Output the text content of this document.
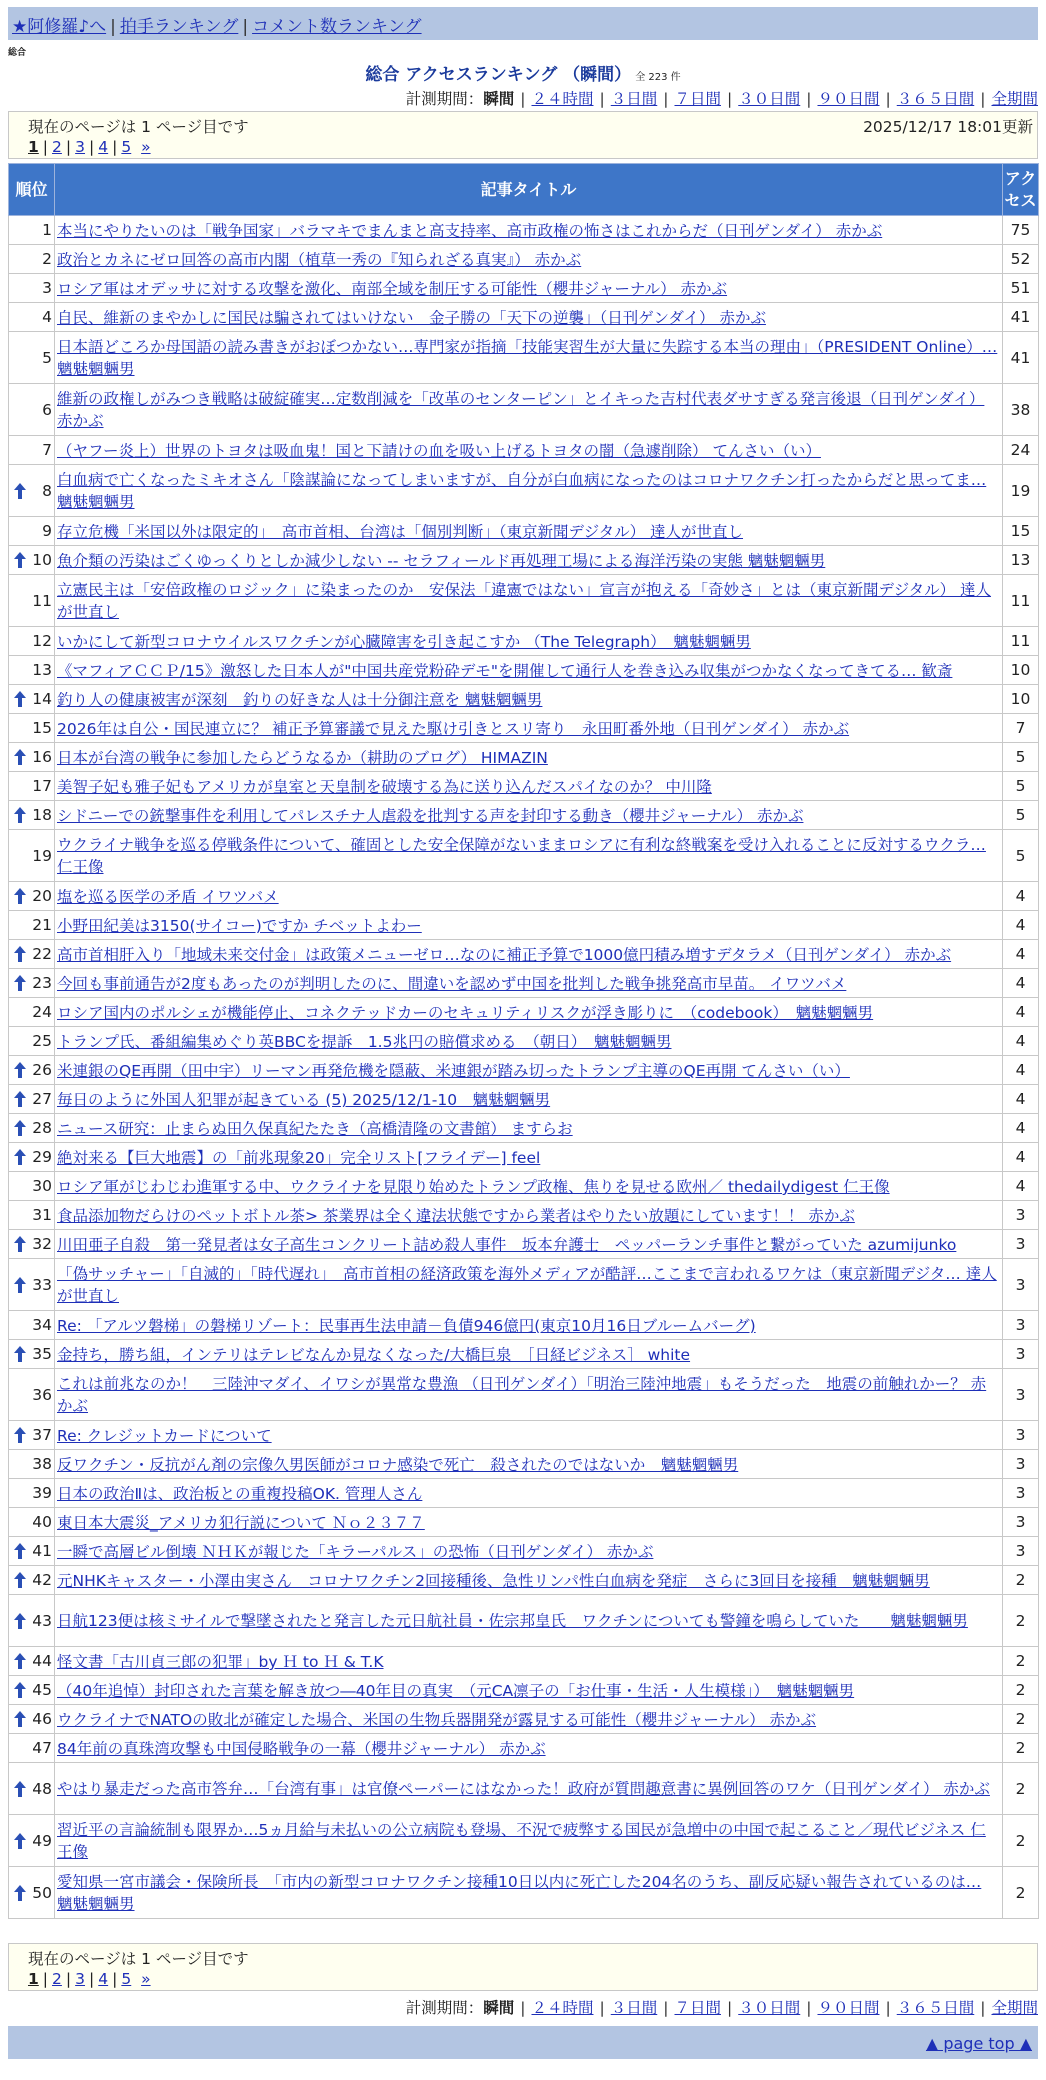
★阿修羅♪へ | 拍手ランキング | コメント数ランキング
総合
総合 アクセスランキング （瞬間） 全 223 件
計測期間：瞬間 | ２４時間 | ３日間 | ７日間 | ３０日間 | ９０日間 | ３６５日間 | 全期間
現在のページは 1 ページ目です	2025/12/17 18:01更新
1 | 2 | 3 | 4 | 5 »
順位	記事タイトル	アクセス
1	本当にやりたいのは「戦争国家」バラマキでまんまと高支持率、高市政権の怖さはこれからだ（日刊ゲンダイ） 赤かぶ	75
2	政治とカネにゼロ回答の高市内閣（植草一秀の『知られざる真実』） 赤かぶ	52
3	ロシア軍はオデッサに対する攻撃を激化、南部全域を制圧する可能性（櫻井ジャーナル） 赤かぶ	51
4	自民、維新のまやかしに国民は騙されてはいけない　金子勝の「天下の逆襲」（日刊ゲンダイ） 赤かぶ	41
5	日本語どころか母国語の読み書きがおぼつかない…専門家が指摘「技能実習生が大量に失踪する本当の理由」（PRESIDENT Online）… 魑魅魍魎男	41
6	維新の政権しがみつき戦略は破綻確実…定数削減を「改革のセンターピン」とイキった吉村代表ダサすぎる発言後退（日刊ゲンダイ） 赤かぶ	38
7	（ヤフー炎上）世界のトヨタは吸血鬼！国と下請けの血を吸い上げるトヨタの闇（急遽削除） てんさい（い）	24

8	白血病で亡くなったミキオさん「陰謀論になってしまいますが、自分が白血病になったのはコロナワクチン打ったからだと思ってま… 魑魅魍魎男	19
9	存立危機「米国以外は限定的」　高市首相、台湾は「個別判断」（東京新聞デジタル） 達人が世直し	15

10	魚介類の汚染はごくゆっくりとしか減少しない -- セラフィールド再処理工場による海洋汚染の実態 魑魅魍魎男	13
11	立憲民主は「安倍政権のロジック」に染まったのか　安保法「違憲ではない」宣言が抱える「奇妙さ」とは（東京新聞デジタル） 達人が世直し	11
12	いかにして新型コロナウイルスワクチンが心臓障害を引き起こすか （The Telegraph）　魑魅魍魎男	11
13	《マフィアＣＣＰ/15》激怒した日本人が"中国共産党粉砕デモ"を開催して通行人を巻き込み収集がつかなくなってきてる… 歓斎	10

14	釣り人の健康被害が深刻　釣りの好きな人は十分御注意を 魑魅魍魎男	10
15	2026年は自公・国民連立に？ 補正予算審議で見えた駆け引きとスリ寄り　永田町番外地（日刊ゲンダイ） 赤かぶ	7

16	日本が台湾の戦争に参加したらどうなるか（耕助のブログ） HIMAZIN	5
17	美智子妃も雅子妃もアメリカが皇室と天皇制を破壊する為に送り込んだスパイなのか？ 中川隆	5

18	シドニーでの銃撃事件を利用してパレスチナ人虐殺を批判する声を封印する動き（櫻井ジャーナル） 赤かぶ	5
19	ウクライナ戦争を巡る停戦条件について、確固とした安全保障がないままロシアに有利な終戦案を受け入れることに反対するウクラ… 仁王像	5

20	塩を巡る医学の矛盾 イワツバメ	4
21	小野田紀美は3150(サイコー)ですか チベットよわー	4

22	高市首相肝入り「地域未来交付金」は政策メニューゼロ…なのに補正予算で1000億円積み増すデタラメ（日刊ゲンダイ） 赤かぶ	4

23	今回も事前通告が2度もあったのが判明したのに、間違いを認めず中国を批判した戦争挑発高市早苗。 イワツバメ	4
24	ロシア国内のポルシェが機能停止、コネクテッドカーのセキュリティリスクが浮き彫りに　（codebook）　魑魅魍魎男	4
25	トランプ氏、番組編集めぐり英BBCを提訴　1.5兆円の賠償求める　（朝日）　魑魅魍魎男	4

26	米連銀のQE再開（田中宇）リーマン再発危機を隠蔽、米連銀が踏み切ったトランプ主導のQE再開 てんさい（い）	4

27	毎日のように外国人犯罪が起きている (5) 2025/12/1-10　魑魅魍魎男	4

28	ニュース研究：止まらぬ田久保真紀たたき（高橋清隆の文書館） ますらお	4

29	絶対来る【巨大地震】の「前兆現象20」完全リスト[フライデー] feel	4
30	ロシア軍がじわじわ進軍する中、ウクライナを見限り始めたトランプ政権、焦りを見せる欧州／ thedailydigest 仁王像	4
31	食品添加物だらけのペットボトル茶> 茶業界は全く違法状態ですから業者はやりたい放題にしています！！ 赤かぶ	3

32	川田亜子自殺　第一発見者は女子高生コンクリート詰め殺人事件　坂本弁護士　ペッパーランチ事件と繋がっていた azumijunko	3

33	「偽サッチャー」「自滅的」「時代遅れ」　高市首相の経済政策を海外メディアが酷評…ここまで言われるワケは（東京新聞デジタ… 達人が世直し	3
34	Re: 「アルツ磐梯」の磐梯リゾート：民事再生法申請－負債946億円(東京10月16日ブルームバーグ)	3

35	金持ち，勝ち組，インテリはテレビなんか見なくなった/大橋巨泉　［日経ビジネス］ white	3
36	これは前兆なのか！　三陸沖マダイ、イワシが異常な豊漁 （日刊ゲンダイ）「明治三陸沖地震」もそうだった　地震の前触れかー？ 赤かぶ	3

37	Re: クレジットカードについて	3
38	反ワクチン・反抗がん剤の宗像久男医師がコロナ感染で死亡　殺されたのではないか　魑魅魍魎男	3
39	日本の政治Ⅱは、政治板との重複投稿OK. 管理人さん	3
40	東日本大震災_アメリカ犯行説について Ｎｏ２３７７	3

41	一瞬で高層ビル倒壊 ＮＨＫが報じた「キラーパルス」の恐怖（日刊ゲンダイ） 赤かぶ	3

42	元NHKキャスター・小澤由実さん　コロナワクチン2回接種後、急性リンパ性白血病を発症　さらに3回目を接種　魑魅魍魎男	2

43	日航123便は核ミサイルで撃墜されたと発言した元日航社員・佐宗邦皇氏　ワクチンについても警鐘を鳴らしていた　　魑魅魍魎男	2

44	怪文書「古川貞三郎の犯罪」by Ｈ to Ｈ & T.K	2

45	（40年追悼）封印された言葉を解き放つ―40年目の真実　（元CA凛子の「お仕事・生活・人生模様」）　魑魅魍魎男	2

46	ウクライナでNATOの敗北が確定した場合、米国の生物兵器開発が露見する可能性（櫻井ジャーナル） 赤かぶ	2
47	84年前の真珠湾攻撃も中国侵略戦争の一幕（櫻井ジャーナル） 赤かぶ	2

48	やはり暴走だった高市答弁…「台湾有事」は官僚ペーパーにはなかった！政府が質問趣意書に異例回答のワケ（日刊ゲンダイ） 赤かぶ	2

49	習近平の言論統制も限界か…5ヵ月給与未払いの公立病院も登場、不況で疲弊する国民が急増中の中国で起こること／現代ビジネス 仁王像	2

50	愛知県一宮市議会・保険所長　「市内の新型コロナワクチン接種10日以内に死亡した204名のうち、副反応疑い報告されているのは… 魑魅魍魎男	2
現在のページは 1 ページ目です
1 | 2 | 3 | 4 | 5 »
計測期間：瞬間 | ２４時間 | ３日間 | ７日間 | ３０日間 | ９０日間 | ３６５日間 | 全期間
▲ page top ▲
